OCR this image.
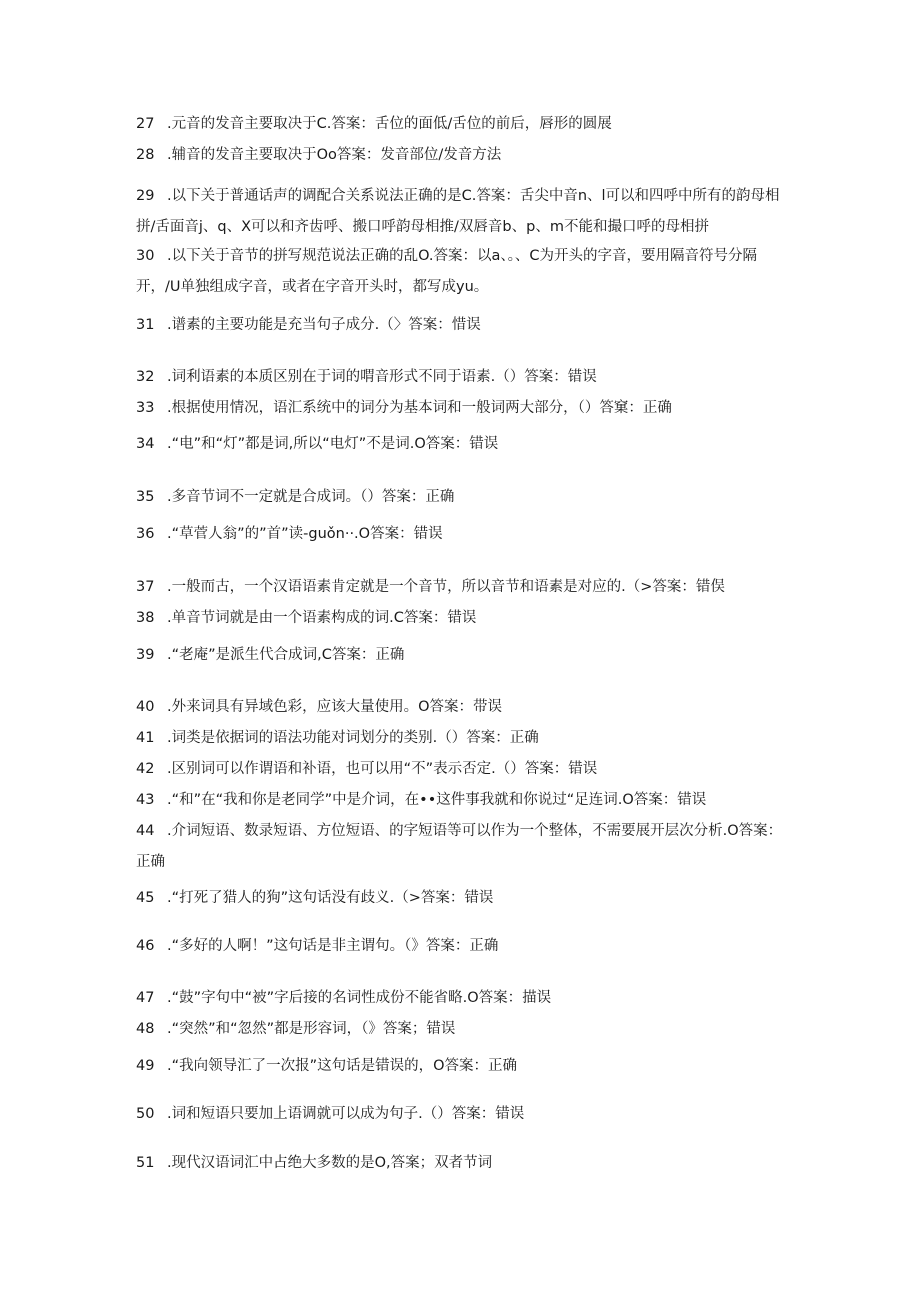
27 .元音的发音主要取决于C.答案：舌位的面低/舌位的前后，唇形的圆展
28 .辅音的发音主要取决于Oo答案：发音部位/发音方法
29 .以下关于普通话声的调配合关系说法正确的是C.答案：舌尖中音n、l可以和四呼中所有的韵母相拼/舌面音j、q、X可以和齐齿呼、搬口呼韵母相推/双唇音b、p、m不能和撮口呼的母相拼
30 .以下关于音节的拼写规范说法正确的乱O.答案：以a、。、C为开头的字音，要用隔音符号分隔开，/U单独组成字音，或者在字音开头时，都写成yu。
31 .谱素的主要功能是充当句子成分.（〉答案：惜误
32 .词利语素的本质区别在于词的喟音形式不同于语素.（）答案：错误
33 .根据使用情况，语汇系统中的词分为基本词和一般词两大部分，（）答窠：正确
34 .“电”和“灯”都是词,所以“电灯”不是词.O答案：错误
35 .多音节词不一定就是合成词。（）答案：正确
36 .“草菅人翁”的”首”读-guǒn··.O答案：错误
37 .一般而古，一个汉语语素肯定就是一个音节，所以音节和语素是对应的.（>答案：错俣
38 .单音节词就是由一个语素构成的词.C答案：错误
39 .“老庵”是派生代合成词,C答案：正确
40 .外来词具有异域色彩，应该大量使用。O答案：带误
41 .词类是依据词的语法功能对词划分的类别.（）答案：正确
42 .区别词可以作谓语和补语，也可以用“不”表示否定.（）答案：错误
43 .“和”在“我和你是老同学”中是介词，在••这件事我就和你说过“足连词.O答案：错误
44 .介词短语、数录短语、方位短语、的字短语等可以作为一个整体，不需要展开层次分析.O答案：正确
45 .“打死了猎人的狗”这句话没有歧义.（>答案：错误
46 .“多好的人啊！”这句话是非主谓句。（》答案：正确
47 .“鼓”字句中“被”字后接的名词性成份不能省略.O答案：描误
48 .“突然”和“忽然”都是形容词，（》答案；错误
49 .“我向领导汇了一次报”这句话是错误的，O答案：正确
50 .词和短语只要加上语调就可以成为句子.（）答案：错误
51 .现代汉语词汇中占绝大多数的是O,答案；双者节词
